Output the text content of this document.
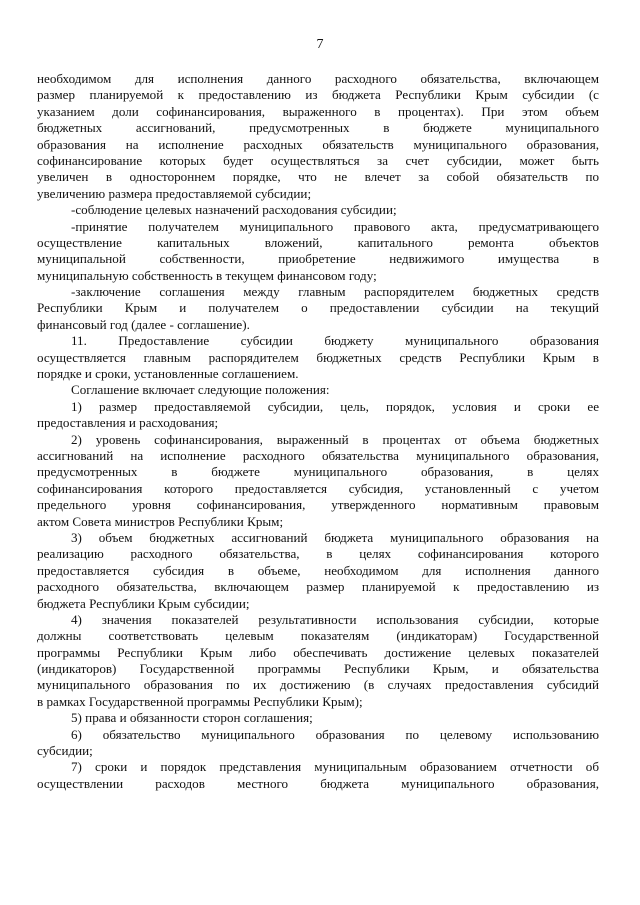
7
необходимом для исполнения данного расходного обязательства, включающем
размер планируемой к предоставлению из бюджета Республики Крым субсидии (с
указанием доли софинансирования, выраженного в процентах). При этом объем
бюджетных ассигнований, предусмотренных в бюджете муниципального
образования на исполнение расходных обязательств муниципального образования,
софинансирование которых будет осуществляться за счет субсидии, может быть
увеличен в одностороннем порядке, что не влечет за собой обязательств по
увеличению размера предоставляемой субсидии;
-соблюдение целевых назначений расходования субсидии;
-принятие получателем муниципального правового акта, предусматривающего
осуществление капитальных вложений, капитального ремонта объектов
муниципальной собственности, приобретение недвижимого имущества в
муниципальную собственность в текущем финансовом году;
-заключение соглашения между главным распорядителем бюджетных средств
Республики Крым и получателем о предоставлении субсидии на текущий
финансовый год (далее - соглашение).
11. Предоставление субсидии бюджету муниципального образования
осуществляется главным распорядителем бюджетных средств Республики Крым в
порядке и сроки, установленные соглашением.
Соглашение включает следующие положения:
1) размер предоставляемой субсидии, цель, порядок, условия и сроки ее
предоставления и расходования;
2) уровень софинансирования, выраженный в процентах от объема бюджетных
ассигнований на исполнение расходного обязательства муниципального образования,
предусмотренных в бюджете муниципального образования, в целях
софинансирования которого предоставляется субсидия, установленный с учетом
предельного уровня софинансирования, утвержденного нормативным правовым
актом Совета министров Республики Крым;
3) объем бюджетных ассигнований бюджета муниципального образования на
реализацию расходного обязательства, в целях софинансирования которого
предоставляется субсидия в объеме, необходимом для исполнения данного
расходного обязательства, включающем размер планируемой к предоставлению из
бюджета Республики Крым субсидии;
4) значения показателей результативности использования субсидии, которые
должны соответствовать целевым показателям (индикаторам) Государственной
программы Республики Крым либо обеспечивать достижение целевых показателей
(индикаторов) Государственной программы Республики Крым, и обязательства
муниципального образования по их достижению (в случаях предоставления субсидий
в рамках Государственной программы Республики Крым);
5) права и обязанности сторон соглашения;
6) обязательство муниципального образования по целевому использованию
субсидии;
7) сроки и порядок представления муниципальным образованием отчетности об
осуществлении расходов местного бюджета муниципального образования,
